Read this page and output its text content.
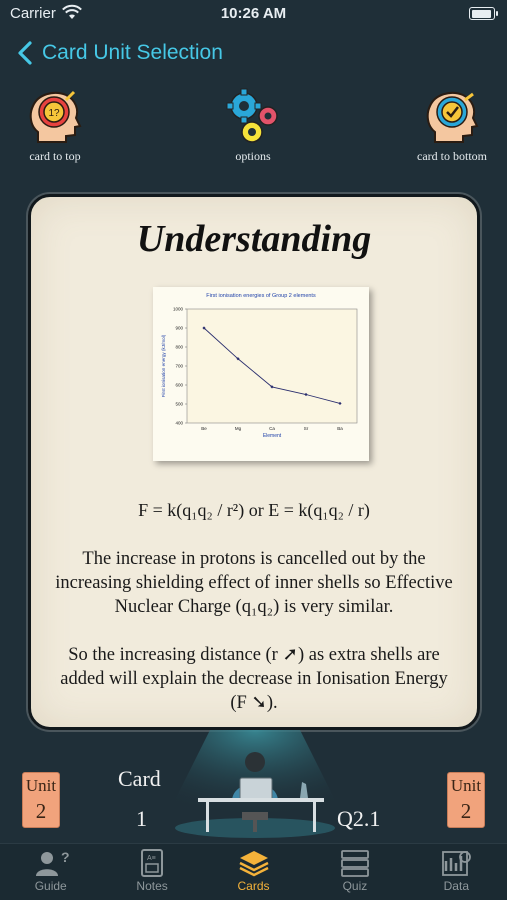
Carrier	10:26 AM
Card Unit Selection
1?
card to top	options	card to bottom
Understanding
First ionisation energies of Group 2 elements
1000
900
800
700
600
500
400
Be	Mg	Ca	Sr	Ba
Element
First ionisation energy (kJ/mol)
F = k(q₁q₂ / r²) or E = k(q₁q₂ / r)
The increase in protons is cancelled out by the increasing shielding effect of inner shells so Effective Nuclear Charge (q₁q₂) is very similar.
So the increasing distance (r ➚) as extra shells are added will explain the decrease in Ionisation Energy (F ➘).
Unit
2
Card
1	Q2.1
Unit
2
?
Guide
A≡
Notes	Cards	Quiz	Data
